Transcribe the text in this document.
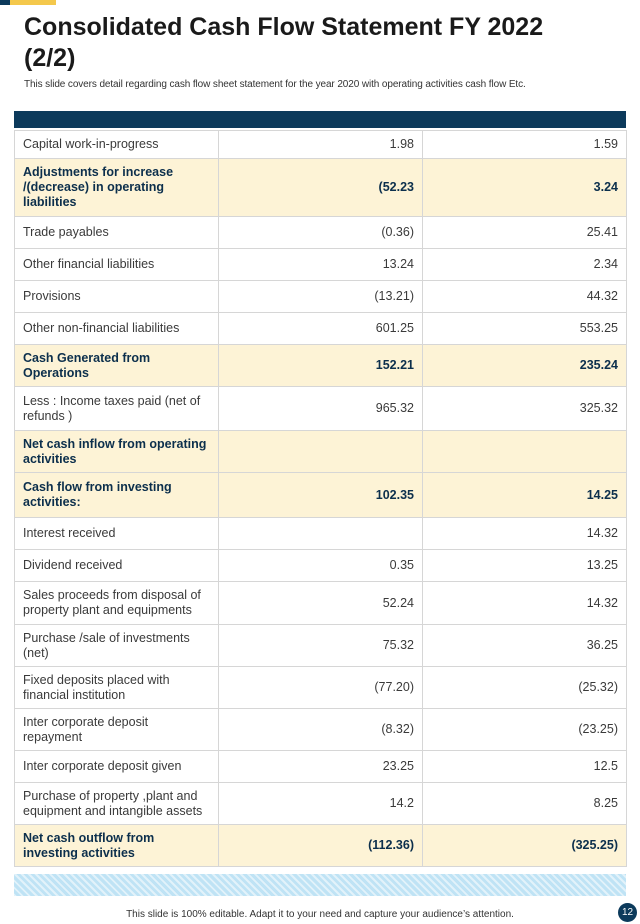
Consolidated Cash Flow Statement FY 2022 (2/2)
This slide covers detail regarding cash flow sheet statement for the year 2020 with operating activities cash flow Etc.
Capital work-in-progress	1.98	1.59
Adjustments for increase /(decrease) in operating liabilities	(52.23	3.24
Trade payables	(0.36)	25.41
Other financial liabilities	13.24	2.34
Provisions	(13.21)	44.32
Other non-financial liabilities	601.25	553.25
Cash Generated from Operations	152.21	235.24
Less : Income taxes paid (net of refunds )	965.32	325.32
Net cash inflow from operating activities		
Cash flow from investing activities:	102.35	14.25
Interest received		14.32
Dividend received	0.35	13.25
Sales proceeds from disposal of property plant and equipments	52.24	14.32
Purchase /sale of investments (net)	75.32	36.25
Fixed deposits placed with financial institution	(77.20)	(25.32)
Inter corporate deposit repayment	(8.32)	(23.25)
Inter corporate deposit given	23.25	12.5
Purchase of property ,plant and equipment and intangible assets	14.2	8.25
Net cash outflow from investing activities	(112.36)	(325.25)
This slide is 100% editable. Adapt it to your need and capture your audience’s attention.	12
